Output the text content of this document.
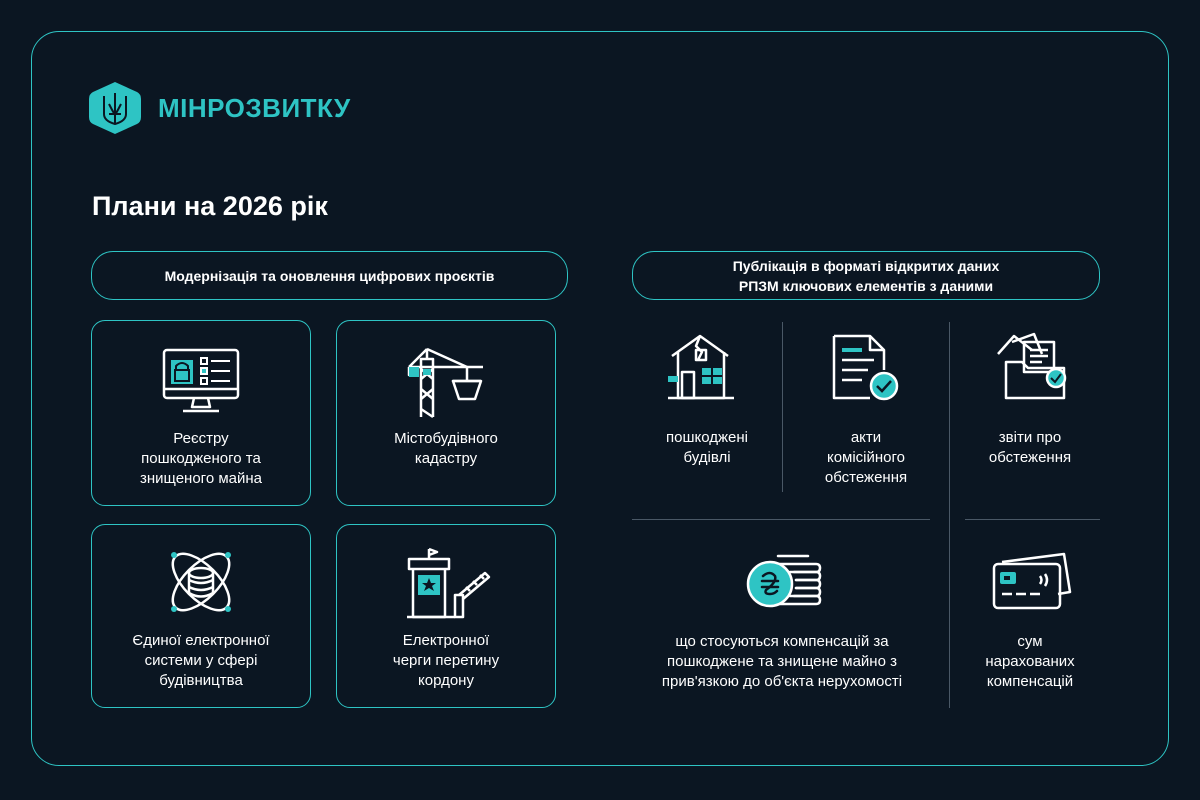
МІНРОЗВИТКУ
Плани на 2026 рік
Модернізація та оновлення цифрових проєктів
Публікація в форматі відкритих даних
РПЗМ ключових елементів з даними
Реєстру
пошкодженого та
знищеного майна
Містобудівного
кадастру
Єдиної електронної
системи у сфері
будівництва
Електронної
черги перетину
кордону
пошкоджені
будівлі
акти
комісійного
обстеження
звіти про
обстеження
що стосуються компенсацій за
пошкоджене та знищене майно з
прив'язкою до об'єкта нерухомості
сум
нарахованих
компенсацій
